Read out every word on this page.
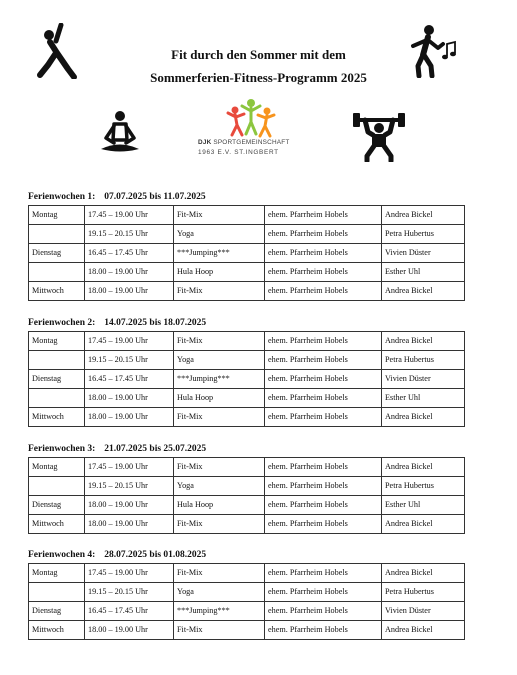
Fit durch den Sommer mit dem
Sommerferien-Fitness-Programm 2025
DJK SPORTGEMEINSCHAFT
1963 E.V. ST.INGBERT
Ferienwochen 1: 07.07.2025 bis 11.07.2025
Montag	17.45 – 19.00 Uhr	Fit-Mix	ehem. Pfarrheim Hobels	Andrea Bickel
	19.15 – 20.15 Uhr	Yoga	ehem. Pfarrheim Hobels	Petra Hubertus
Dienstag	16.45 – 17.45 Uhr	***Jumping***	ehem. Pfarrheim Hobels	Vivien Düster
	18.00 – 19.00 Uhr	Hula Hoop	ehem. Pfarrheim Hobels	Esther Uhl
Mittwoch	18.00 – 19.00 Uhr	Fit-Mix	ehem. Pfarrheim Hobels	Andrea Bickel
Ferienwochen 2: 14.07.2025 bis 18.07.2025
Montag	17.45 – 19.00 Uhr	Fit-Mix	ehem. Pfarrheim Hobels	Andrea Bickel
	19.15 – 20.15 Uhr	Yoga	ehem. Pfarrheim Hobels	Petra Hubertus
Dienstag	16.45 – 17.45 Uhr	***Jumping***	ehem. Pfarrheim Hobels	Vivien Düster
	18.00 – 19.00 Uhr	Hula Hoop	ehem. Pfarrheim Hobels	Esther Uhl
Mittwoch	18.00 – 19.00 Uhr	Fit-Mix	ehem. Pfarrheim Hobels	Andrea Bickel
Ferienwochen 3: 21.07.2025 bis 25.07.2025
Montag	17.45 – 19.00 Uhr	Fit-Mix	ehem. Pfarrheim Hobels	Andrea Bickel
	19.15 – 20.15 Uhr	Yoga	ehem. Pfarrheim Hobels	Petra Hubertus
Dienstag	18.00 – 19.00 Uhr	Hula Hoop	ehem. Pfarrheim Hobels	Esther Uhl
Mittwoch	18.00 – 19.00 Uhr	Fit-Mix	ehem. Pfarrheim Hobels	Andrea Bickel
Ferienwochen 4: 28.07.2025 bis 01.08.2025
Montag	17.45 – 19.00 Uhr	Fit-Mix	ehem. Pfarrheim Hobels	Andrea Bickel
	19.15 – 20.15 Uhr	Yoga	ehem. Pfarrheim Hobels	Petra Hubertus
Dienstag	16.45 – 17.45 Uhr	***Jumping***	ehem. Pfarrheim Hobels	Vivien Düster
Mittwoch	18.00 – 19.00 Uhr	Fit-Mix	ehem. Pfarrheim Hobels	Andrea Bickel
